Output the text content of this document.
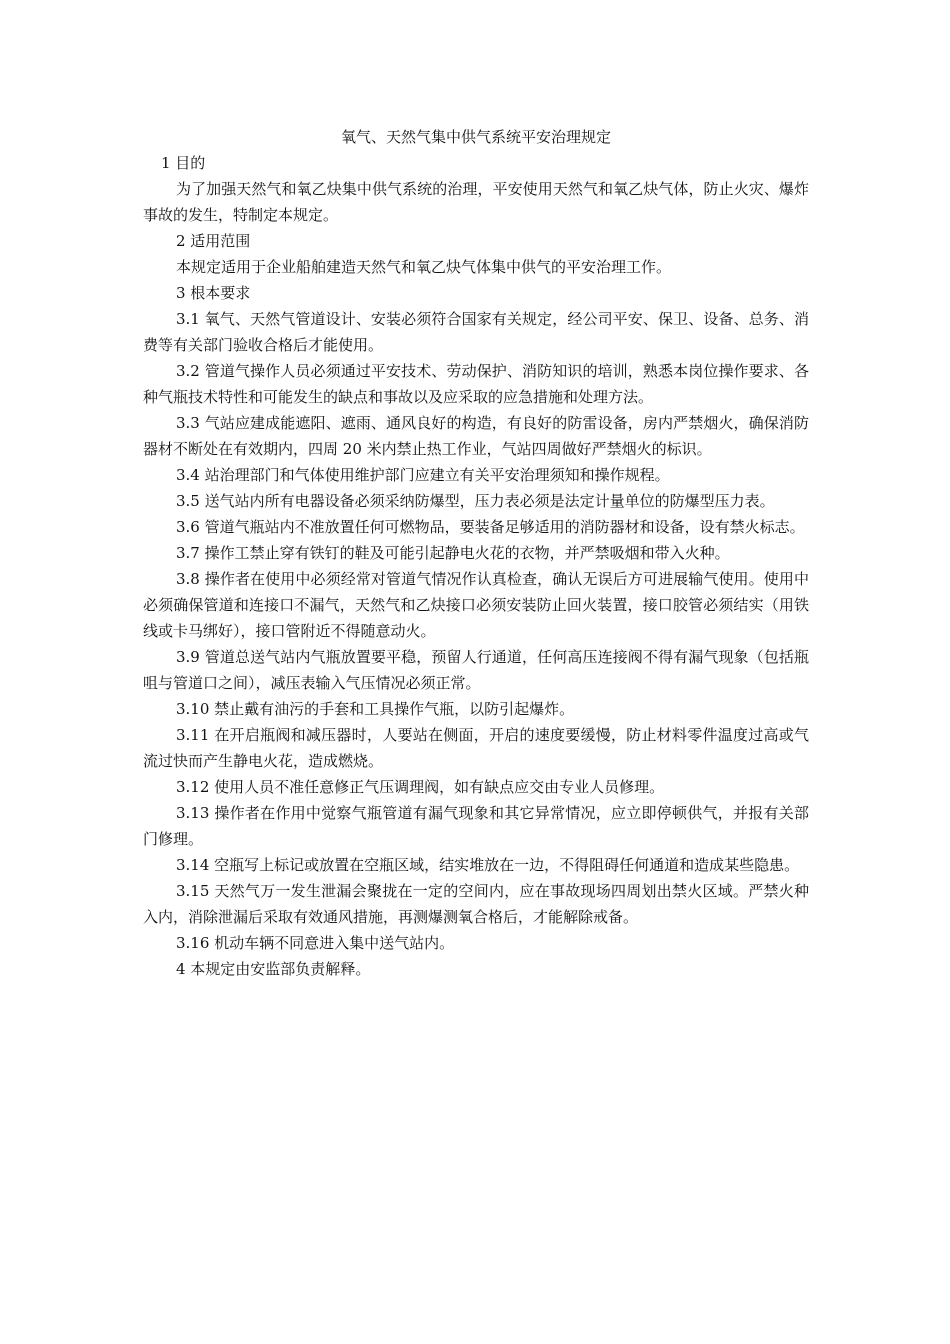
氧气、天然气集中供气系统平安治理规定
1 目的

为了加强天然气和氧乙炔集中供气系统的治理，平安使用天然气和氧乙炔气体，防止火灾、爆炸事故的发生，特制定本规定。

2 适用范围

本规定适用于企业船舶建造天然气和氧乙炔气体集中供气的平安治理工作。

3 根本要求

3.1 氧气、天然气管道设计、安装必须符合国家有关规定，经公司平安、保卫、设备、总务、消费等有关部门验收合格后才能使用。

3.2 管道气操作人员必须通过平安技术、劳动保护、消防知识的培训，熟悉本岗位操作要求、各种气瓶技术特性和可能发生的缺点和事故以及应采取的应急措施和处理方法。

3.3 气站应建成能遮阳、遮雨、通风良好的构造，有良好的防雷设备，房内严禁烟火，确保消防器材不断处在有效期内，四周 20 米内禁止热工作业，气站四周做好严禁烟火的标识。

3.4 站治理部门和气体使用维护部门应建立有关平安治理须知和操作规程。

3.5 送气站内所有电器设备必须采纳防爆型，压力表必须是法定计量单位的防爆型压力表。

3.6 管道气瓶站内不准放置任何可燃物品，要装备足够适用的消防器材和设备，设有禁火标志。

3.7 操作工禁止穿有铁钉的鞋及可能引起静电火花的衣物，并严禁吸烟和带入火种。

3.8 操作者在使用中必须经常对管道气情况作认真检查，确认无误后方可进展输气使用。使用中必须确保管道和连接口不漏气，天然气和乙炔接口必须安装防止回火装置，接口胶管必须结实（用铁线或卡马绑好），接口管附近不得随意动火。

3.9 管道总送气站内气瓶放置要平稳，预留人行通道，任何高压连接阀不得有漏气现象（包括瓶咀与管道口之间），减压表输入气压情况必须正常。

3.10 禁止戴有油污的手套和工具操作气瓶，以防引起爆炸。

3.11 在开启瓶阀和减压器时，人要站在侧面，开启的速度要缓慢，防止材料零件温度过高或气流过快而产生静电火花，造成燃烧。

3.12 使用人员不准任意修正气压调理阀，如有缺点应交由专业人员修理。

3.13 操作者在作用中觉察气瓶管道有漏气现象和其它异常情况，应立即停顿供气，并报有关部门修理。

3.14 空瓶写上标记或放置在空瓶区域，结实堆放在一边，不得阻碍任何通道和造成某些隐患。

3.15 天然气万一发生泄漏会聚拢在一定的空间内，应在事故现场四周划出禁火区域。严禁火种入内，消除泄漏后采取有效通风措施，再测爆测氧合格后，才能解除戒备。

3.16 机动车辆不同意进入集中送气站内。

4 本规定由安监部负责解释。
